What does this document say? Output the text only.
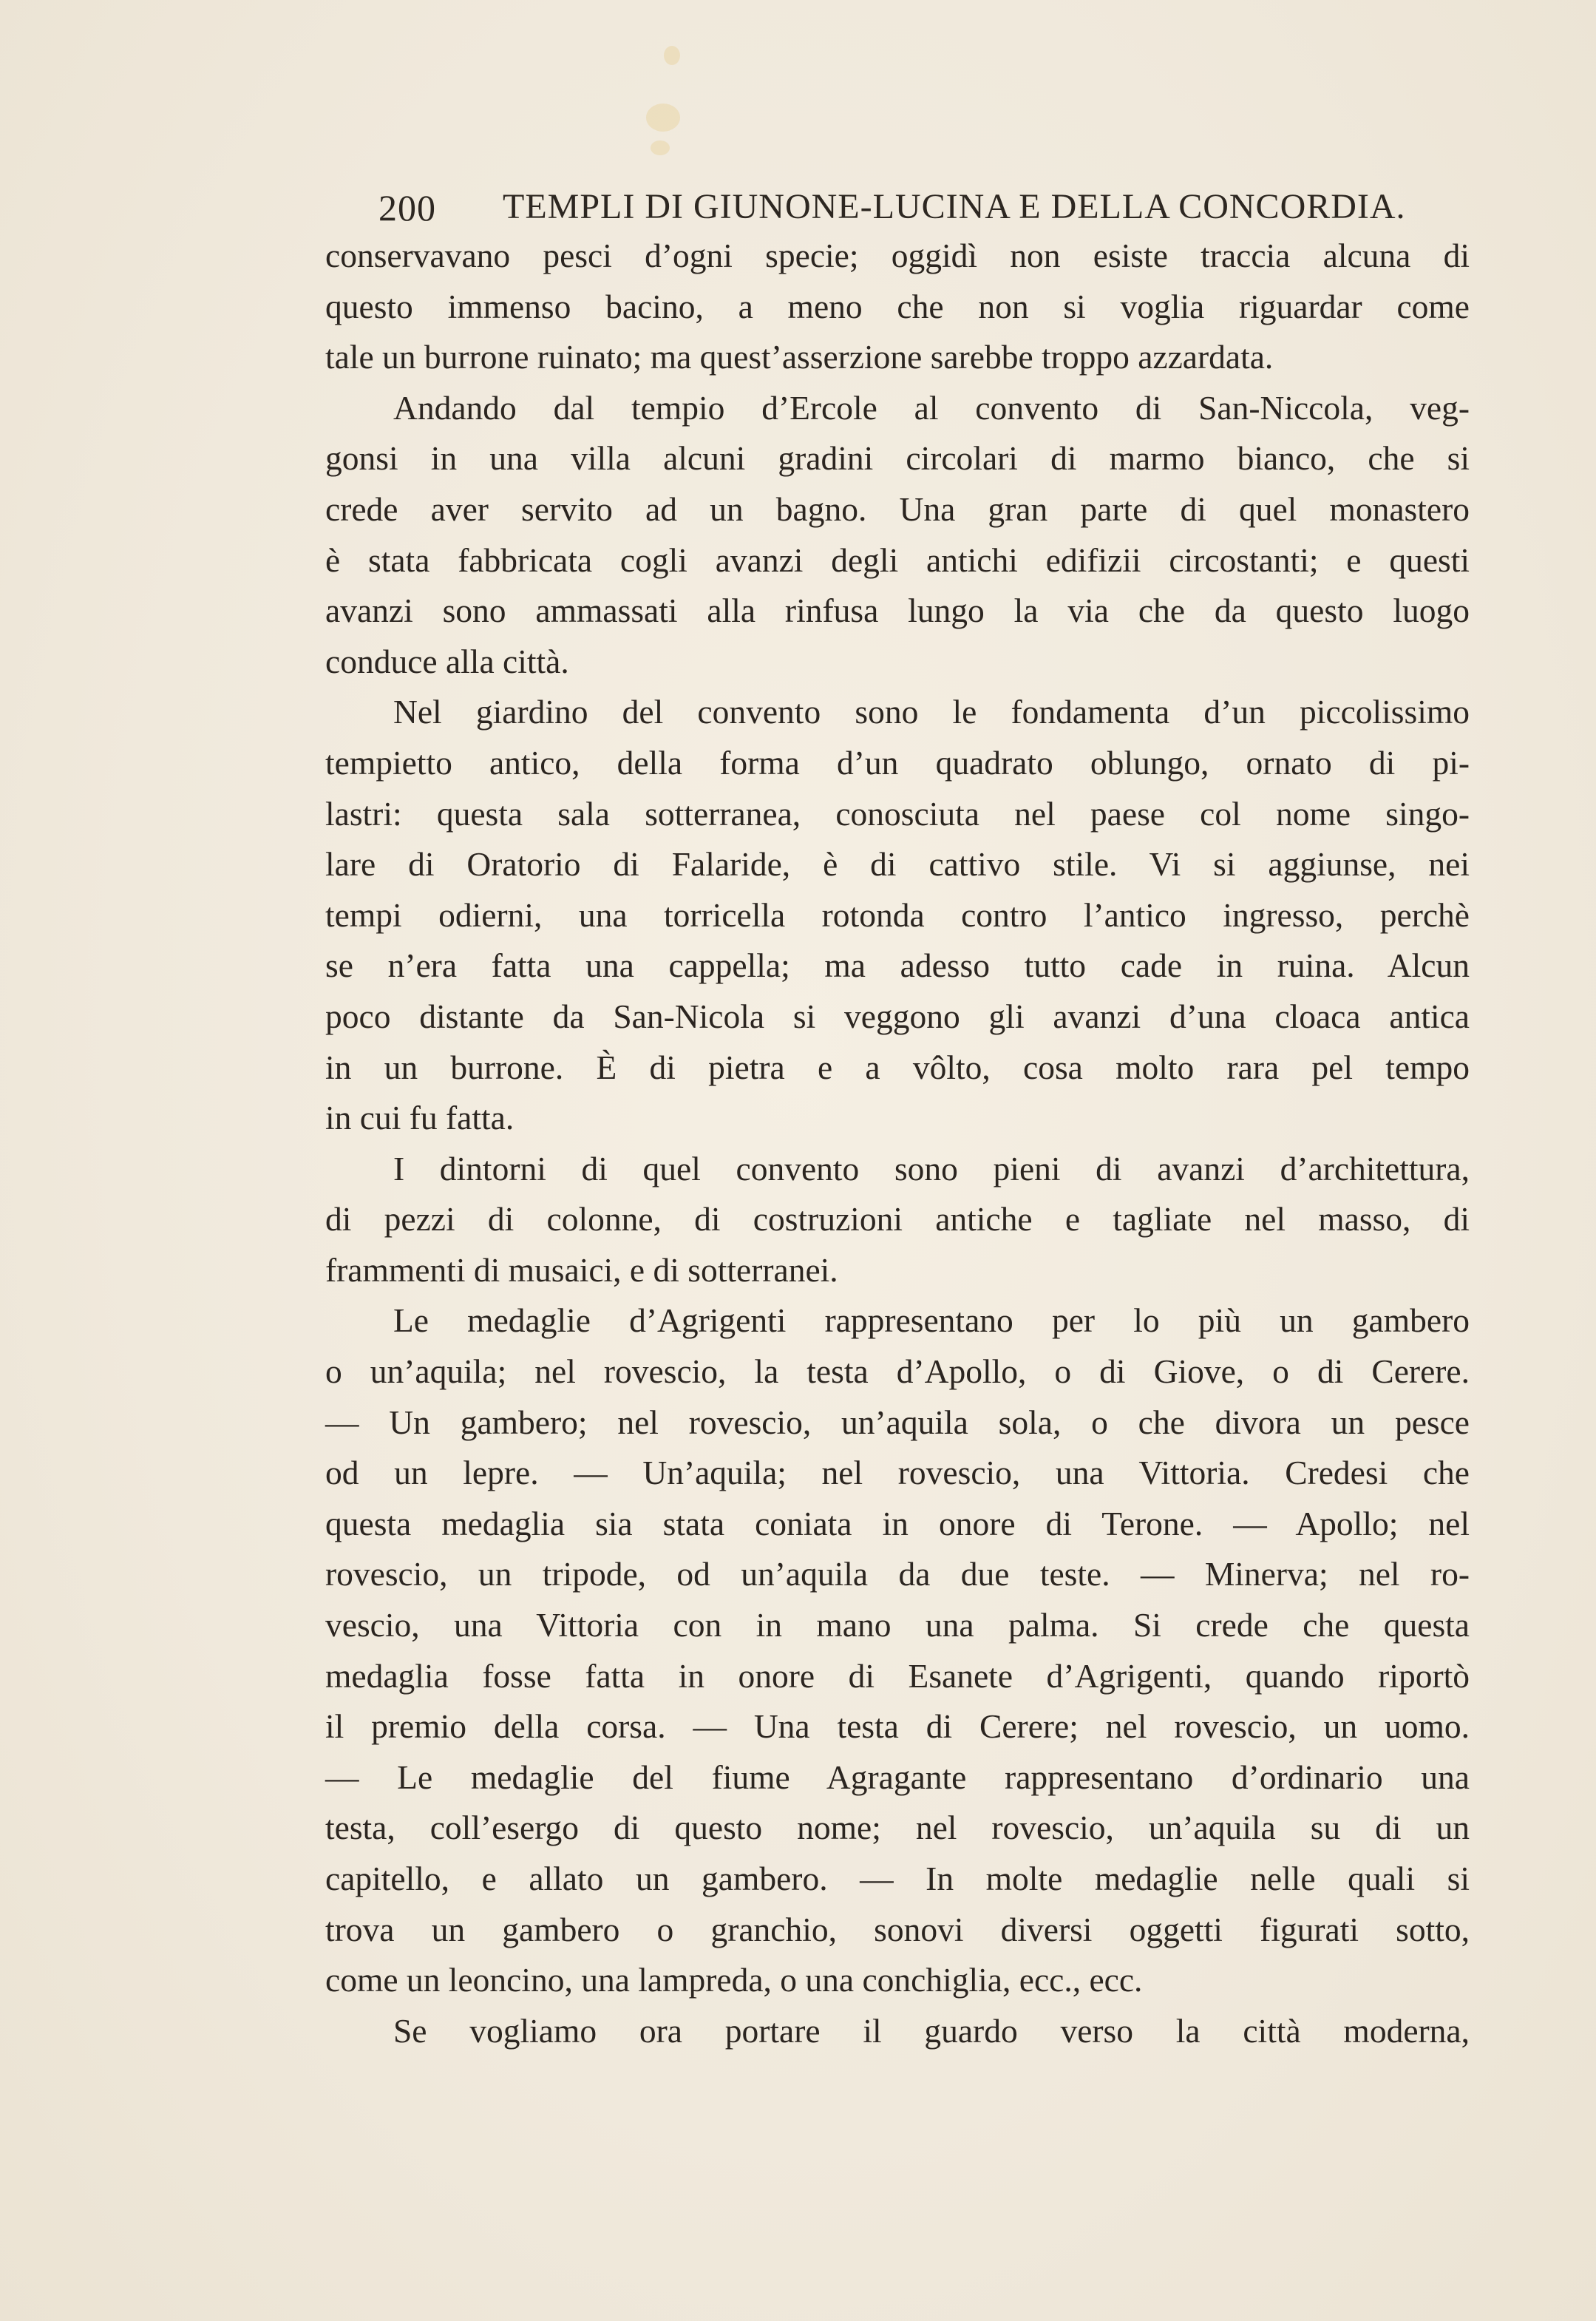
200 TEMPLI DI GIUNONE-LUCINA E DELLA CONCORDIA.
conservavano pesci d’ogni specie; oggidì non esiste traccia alcuna di
questo immenso bacino, a meno che non si voglia riguardar come
tale un burrone ruinato; ma quest’asserzione sarebbe troppo azzardata.
Andando dal tempio d’Ercole al convento di San-Niccola, veg-
gonsi in una villa alcuni gradini circolari di marmo bianco, che si
crede aver servito ad un bagno. Una gran parte di quel monastero
è stata fabbricata cogli avanzi degli antichi edifizii circostanti; e questi
avanzi sono ammassati alla rinfusa lungo la via che da questo luogo
conduce alla città.
Nel giardino del convento sono le fondamenta d’un piccolissimo
tempietto antico, della forma d’un quadrato oblungo, ornato di pi-
lastri: questa sala sotterranea, conosciuta nel paese col nome singo-
lare di Oratorio di Falaride, è di cattivo stile. Vi si aggiunse, nei
tempi odierni, una torricella rotonda contro l’antico ingresso, perchè
se n’era fatta una cappella; ma adesso tutto cade in ruina. Alcun
poco distante da San-Nicola si veggono gli avanzi d’una cloaca antica
in un burrone. È di pietra e a vôlto, cosa molto rara pel tempo
in cui fu fatta.
I dintorni di quel convento sono pieni di avanzi d’architettura,
di pezzi di colonne, di costruzioni antiche e tagliate nel masso, di
frammenti di musaici, e di sotterranei.
Le medaglie d’Agrigenti rappresentano per lo più un gambero
o un’aquila; nel rovescio, la testa d’Apollo, o di Giove, o di Cerere.
— Un gambero; nel rovescio, un’aquila sola, o che divora un pesce
od un lepre. — Un’aquila; nel rovescio, una Vittoria. Credesi che
questa medaglia sia stata coniata in onore di Terone. — Apollo; nel
rovescio, un tripode, od un’aquila da due teste. — Minerva; nel ro-
vescio, una Vittoria con in mano una palma. Si crede che questa
medaglia fosse fatta in onore di Esanete d’Agrigenti, quando riportò
il premio della corsa. — Una testa di Cerere; nel rovescio, un uomo.
— Le medaglie del fiume Agragante rappresentano d’ordinario una
testa, coll’esergo di questo nome; nel rovescio, un’aquila su di un
capitello, e allato un gambero. — In molte medaglie nelle quali si
trova un gambero o granchio, sonovi diversi oggetti figurati sotto,
come un leoncino, una lampreda, o una conchiglia, ecc., ecc.
Se vogliamo ora portare il guardo verso la città moderna,
